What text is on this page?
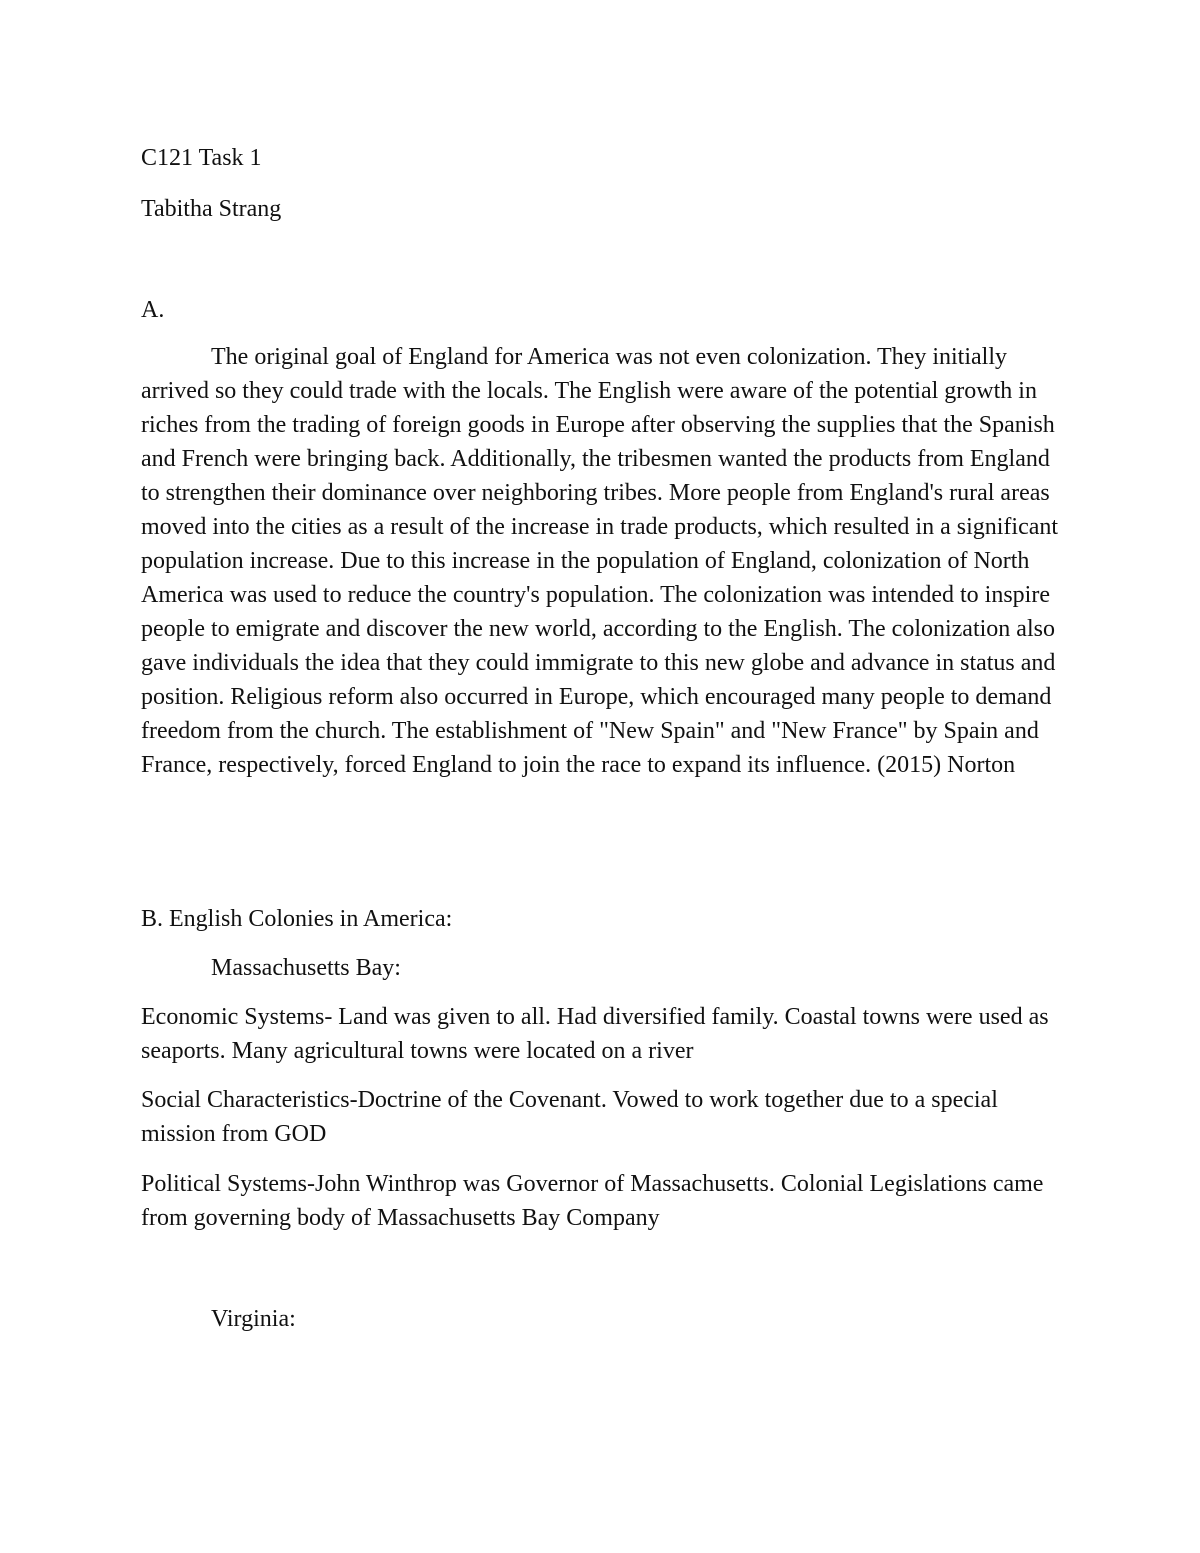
C121 Task 1

Tabitha Strang

A.

The original goal of England for America was not even colonization. They initially arrived so they could trade with the locals. The English were aware of the potential growth in riches from the trading of foreign goods in Europe after observing the supplies that the Spanish and French were bringing back. Additionally, the tribesmen wanted the products from England to strengthen their dominance over neighboring tribes. More people from England's rural areas moved into the cities as a result of the increase in trade products, which resulted in a significant population increase. Due to this increase in the population of England, colonization of North America was used to reduce the country's population. The colonization was intended to inspire people to emigrate and discover the new world, according to the English. The colonization also gave individuals the idea that they could immigrate to this new globe and advance in status and position. Religious reform also occurred in Europe, which encouraged many people to demand freedom from the church. The establishment of "New Spain" and "New France" by Spain and France, respectively, forced England to join the race to expand its influence. (2015) Norton

B. English Colonies in America:

Massachusetts Bay:

Economic Systems- Land was given to all. Had diversified family. Coastal towns were used as seaports. Many agricultural towns were located on a river

Social Characteristics-Doctrine of the Covenant. Vowed to work together due to a special mission from GOD

Political Systems-John Winthrop was Governor of Massachusetts. Colonial Legislations came from governing body of Massachusetts Bay Company

Virginia:
